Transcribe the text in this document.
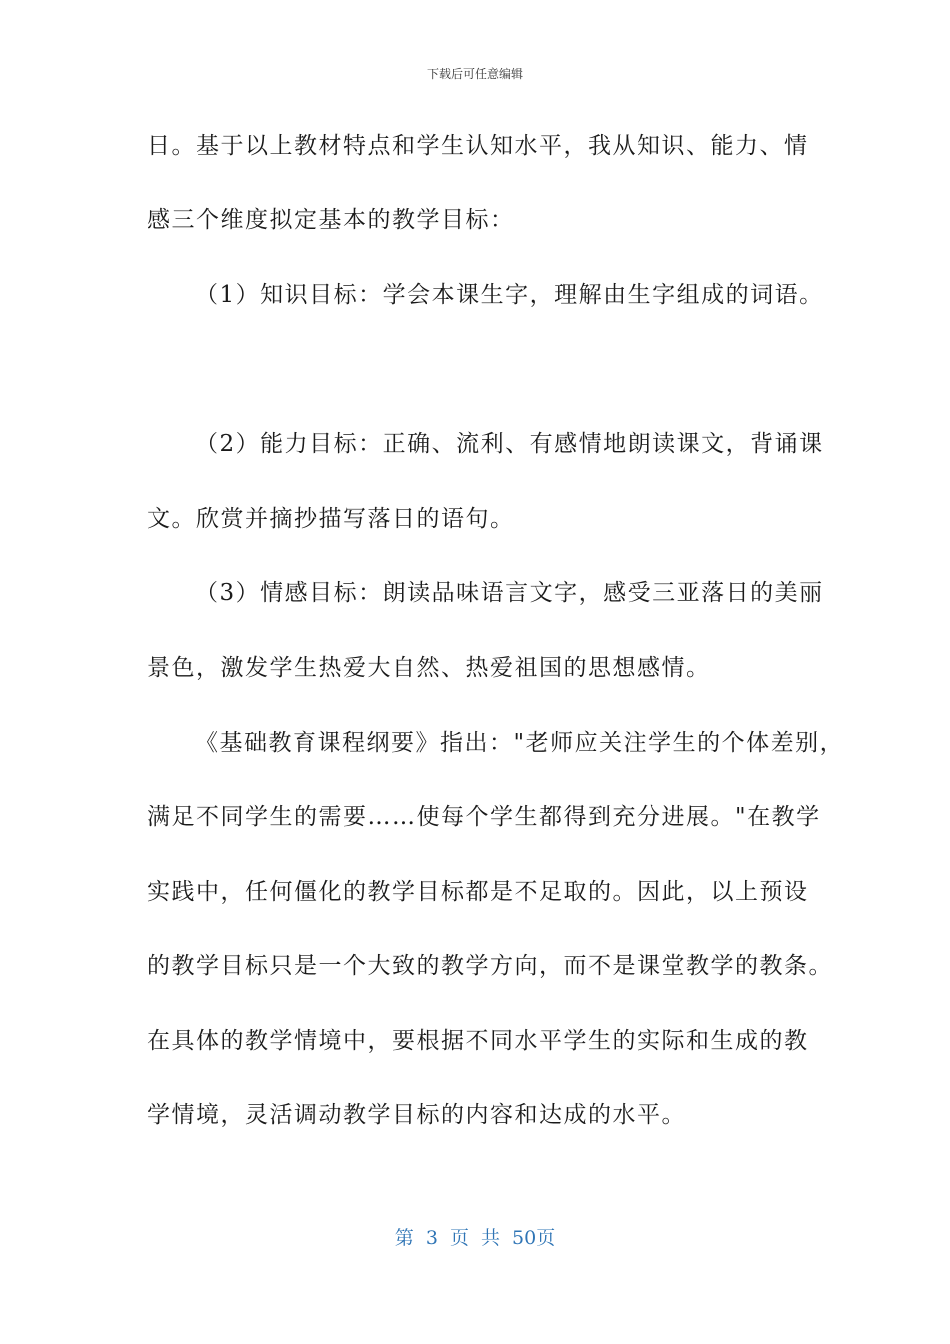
下载后可任意编辑
日。基于以上教材特点和学生认知水平，我从知识、能力、情
感三个维度拟定基本的教学目标：
（1）知识目标：学会本课生字，理解由生字组成的词语。
（2）能力目标：正确、流利、有感情地朗读课文，背诵课
文。欣赏并摘抄描写落日的语句。
（3）情感目标：朗读品味语言文字，感受三亚落日的美丽
景色，激发学生热爱大自然、热爱祖国的思想感情。
《基础教育课程纲要》指出："老师应关注学生的个体差别，
满足不同学生的需要……使每个学生都得到充分进展。"在教学
实践中，任何僵化的教学目标都是不足取的。因此，以上预设
的教学目标只是一个大致的教学方向，而不是课堂教学的教条。
在具体的教学情境中，要根据不同水平学生的实际和生成的教
学情境，灵活调动教学目标的内容和达成的水平。
第 3 页 共 50页
